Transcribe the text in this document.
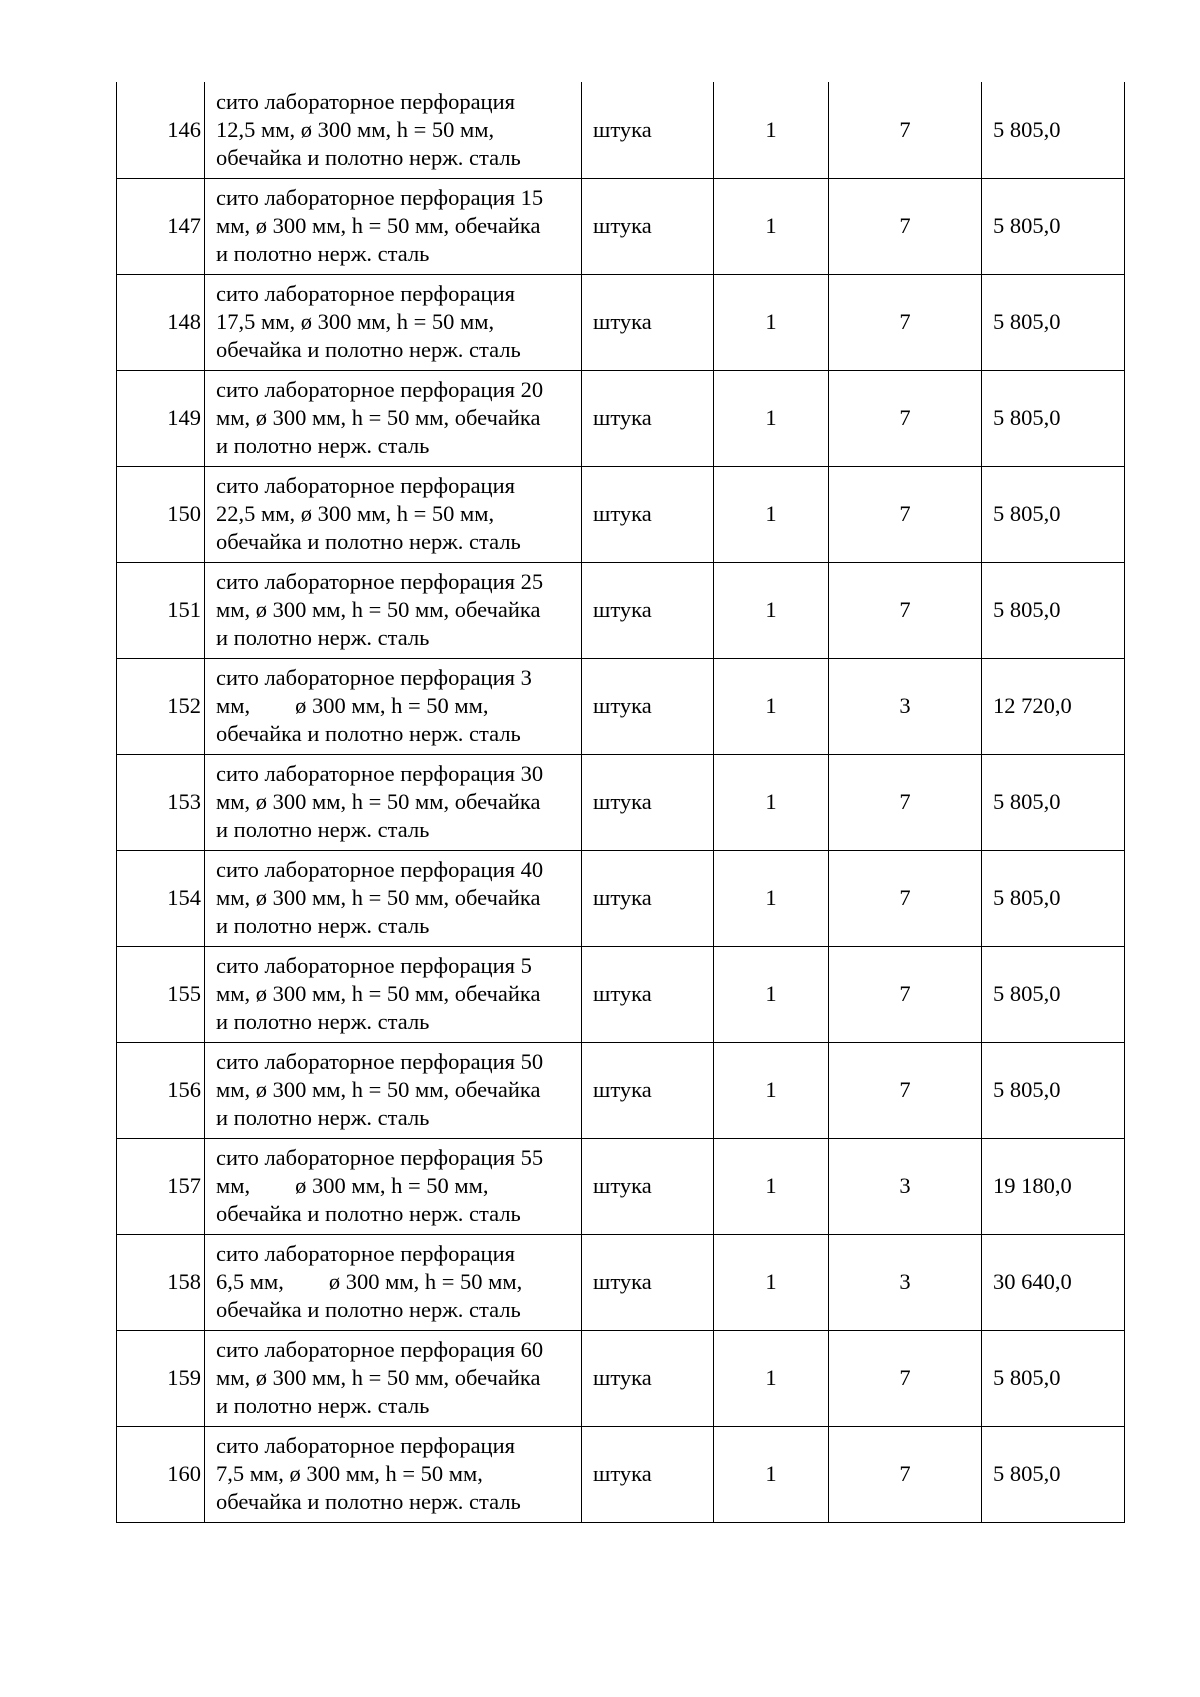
146	сито лабораторное перфорация
12,5 мм, ø 300 мм, h = 50 мм,
обечайка и полотно нерж. сталь	штука	1	7	5 805,0
147	сито лабораторное перфорация 15
мм, ø 300 мм, h = 50 мм, обечайка
и полотно нерж. сталь	штука	1	7	5 805,0
148	сито лабораторное перфорация
17,5 мм, ø 300 мм, h = 50 мм,
обечайка и полотно нерж. сталь	штука	1	7	5 805,0
149	сито лабораторное перфорация 20
мм, ø 300 мм, h = 50 мм, обечайка
и полотно нерж. сталь	штука	1	7	5 805,0
150	сито лабораторное перфорация
22,5 мм, ø 300 мм, h = 50 мм,
обечайка и полотно нерж. сталь	штука	1	7	5 805,0
151	сито лабораторное перфорация 25
мм, ø 300 мм, h = 50 мм, обечайка
и полотно нерж. сталь	штука	1	7	5 805,0
152	сито лабораторное перфорация 3
мм,        ø 300 мм, h = 50 мм,
обечайка и полотно нерж. сталь	штука	1	3	12 720,0
153	сито лабораторное перфорация 30
мм, ø 300 мм, h = 50 мм, обечайка
и полотно нерж. сталь	штука	1	7	5 805,0
154	сито лабораторное перфорация 40
мм, ø 300 мм, h = 50 мм, обечайка
и полотно нерж. сталь	штука	1	7	5 805,0
155	сито лабораторное перфорация 5
мм, ø 300 мм, h = 50 мм, обечайка
и полотно нерж. сталь	штука	1	7	5 805,0
156	сито лабораторное перфорация 50
мм, ø 300 мм, h = 50 мм, обечайка
и полотно нерж. сталь	штука	1	7	5 805,0
157	сито лабораторное перфорация 55
мм,        ø 300 мм, h = 50 мм,
обечайка и полотно нерж. сталь	штука	1	3	19 180,0
158	сито лабораторное перфорация
6,5 мм,        ø 300 мм, h = 50 мм,
обечайка и полотно нерж. сталь	штука	1	3	30 640,0
159	сито лабораторное перфорация 60
мм, ø 300 мм, h = 50 мм, обечайка
и полотно нерж. сталь	штука	1	7	5 805,0
160	сито лабораторное перфорация
7,5 мм, ø 300 мм, h = 50 мм,
обечайка и полотно нерж. сталь	штука	1	7	5 805,0
